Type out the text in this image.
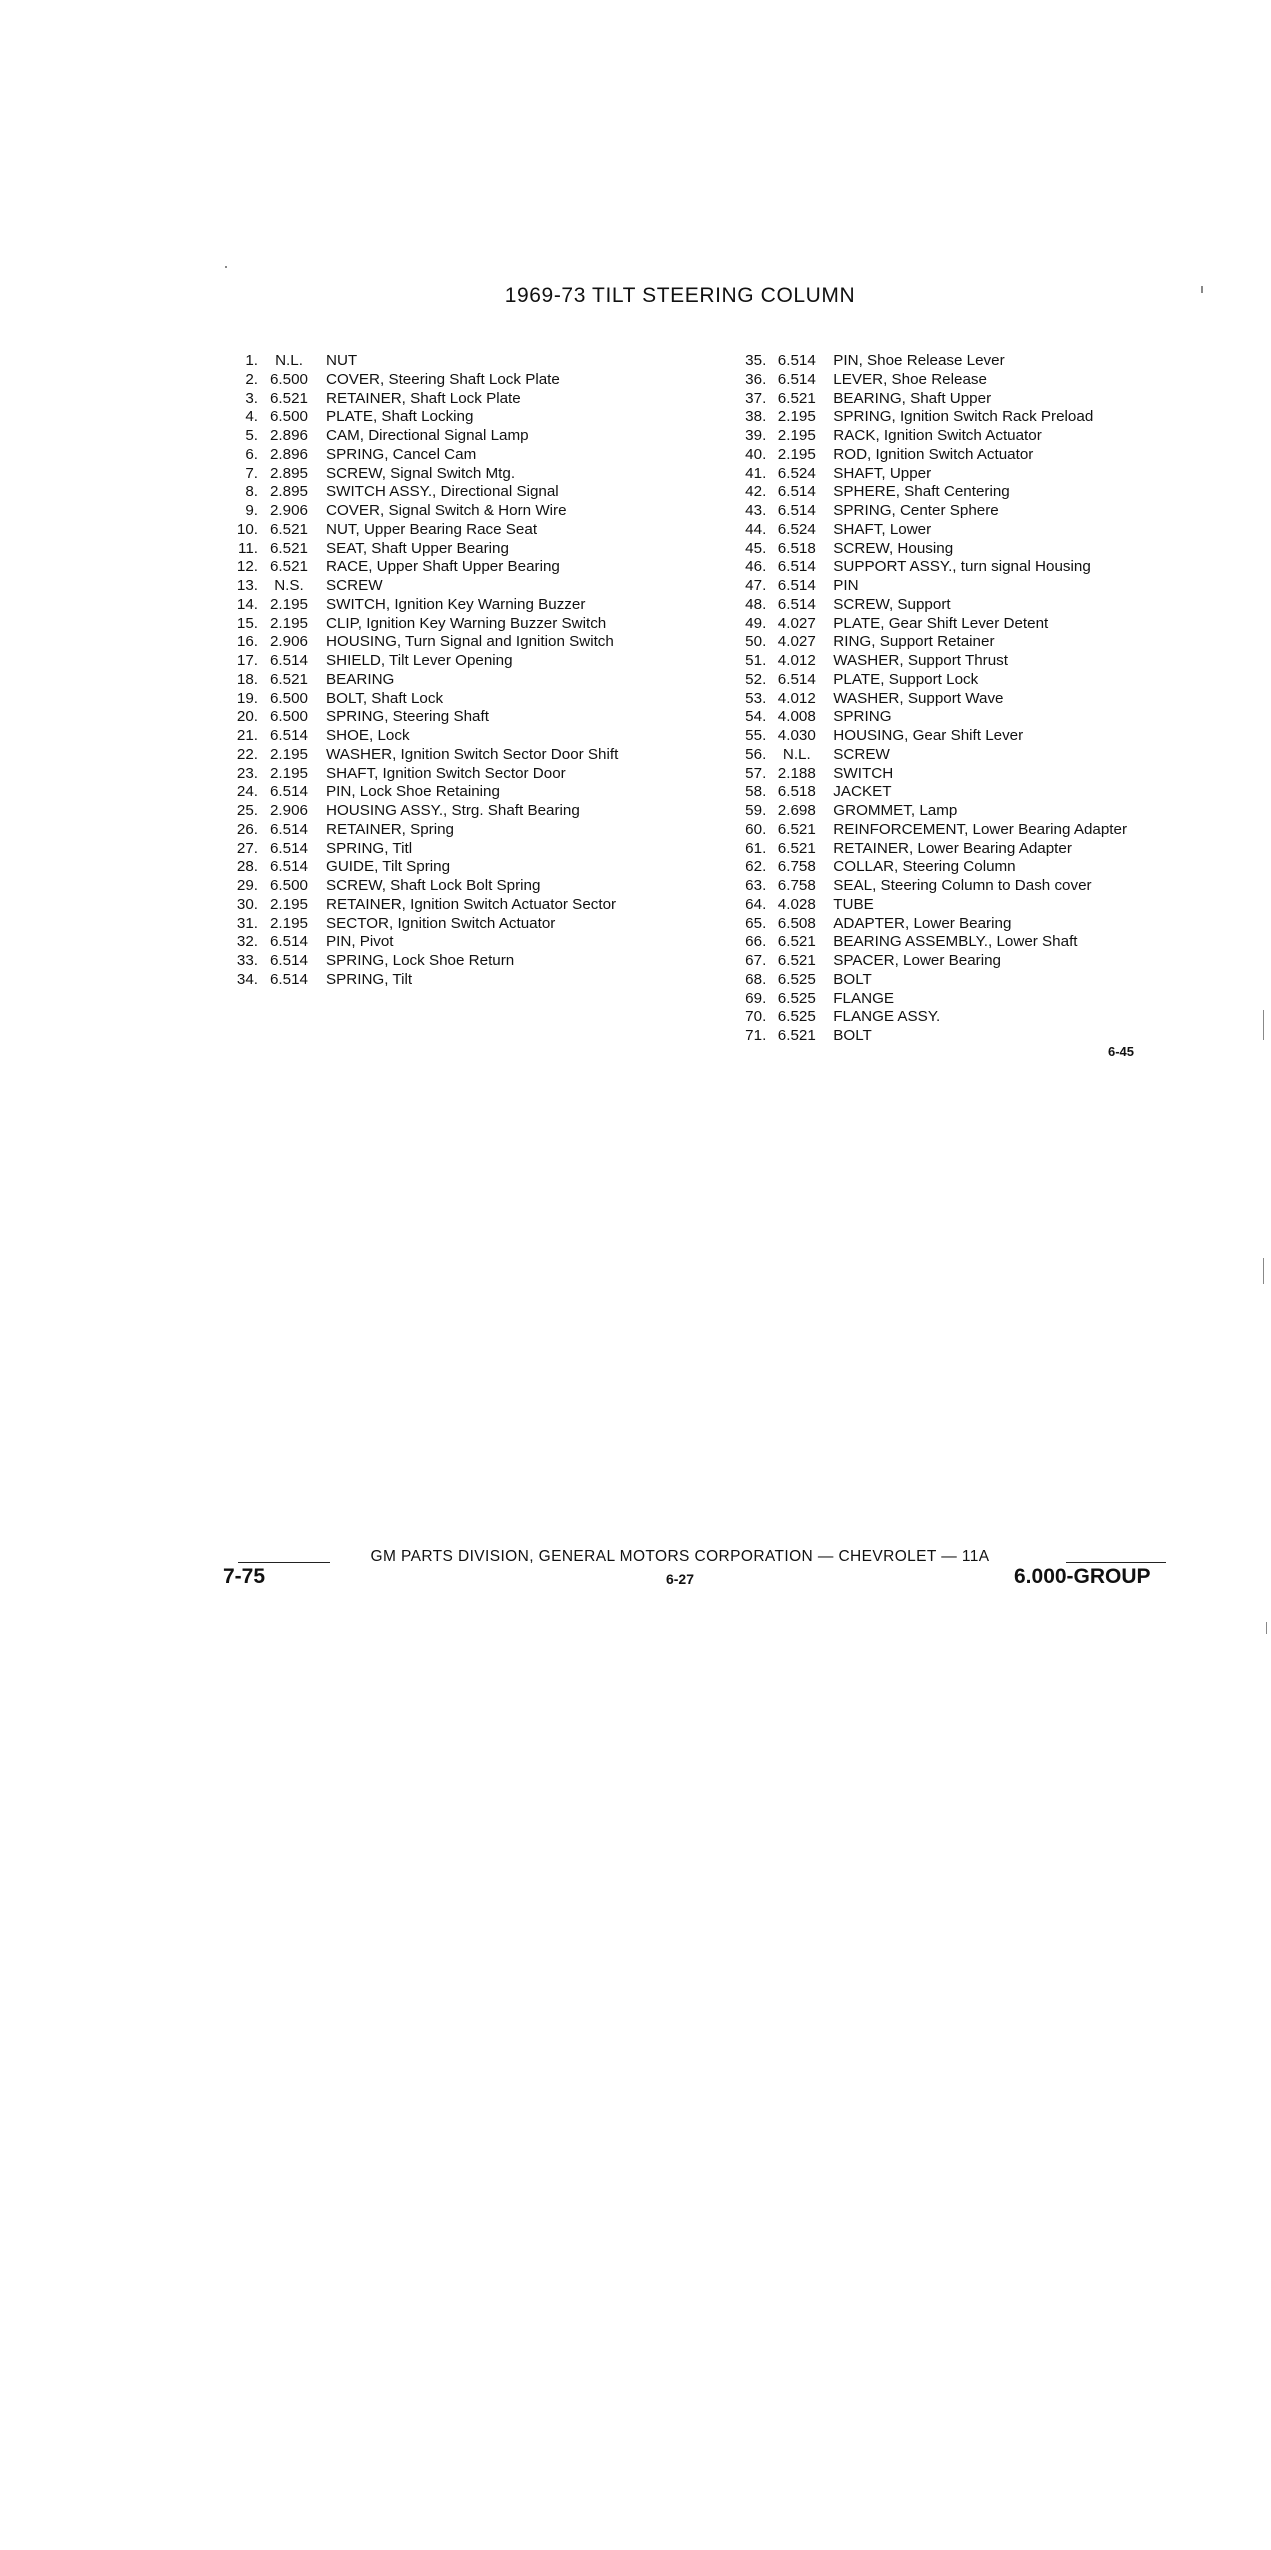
1969-73 TILT STEERING COLUMN
1.	N.L.	NUT
2. 6.500	COVER, Steering Shaft Lock Plate
3. 6.521	RETAINER, Shaft Lock Plate
4. 6.500	PLATE, Shaft Locking
5. 2.896	CAM, Directional Signal Lamp
6. 2.896	SPRING, Cancel Cam
7. 2.895	SCREW, Signal Switch Mtg.
8. 2.895	SWITCH ASSY., Directional Signal
9. 2.906	COVER, Signal Switch & Horn Wire
10. 6.521	NUT, Upper Bearing Race Seat
11. 6.521	SEAT, Shaft Upper Bearing
12. 6.521	RACE, Upper Shaft Upper Bearing
13.	N.S.	SCREW
14. 2.195	SWITCH, Ignition Key Warning Buzzer
15. 2.195	CLIP, Ignition Key Warning Buzzer Switch
16. 2.906	HOUSING, Turn Signal and Ignition Switch
17. 6.514	SHIELD, Tilt Lever Opening
18. 6.521	BEARING
19. 6.500	BOLT, Shaft Lock
20. 6.500	SPRING, Steering Shaft
21. 6.514	SHOE, Lock
22. 2.195	WASHER, Ignition Switch Sector Door Shift
23. 2.195	SHAFT, Ignition Switch Sector Door
24. 6.514	PIN, Lock Shoe Retaining
25. 2.906	HOUSING ASSY., Strg. Shaft Bearing
26. 6.514	RETAINER, Spring
27. 6.514	SPRING, Titl
28. 6.514	GUIDE, Tilt Spring
29. 6.500	SCREW, Shaft Lock Bolt Spring
30. 2.195	RETAINER, Ignition Switch Actuator Sector
31. 2.195	SECTOR, Ignition Switch Actuator
32. 6.514	PIN, Pivot
33. 6.514	SPRING, Lock Shoe Return
34. 6.514	SPRING, Tilt
35. 6.514	PIN, Shoe Release Lever
36. 6.514	LEVER, Shoe Release
37. 6.521	BEARING, Shaft Upper
38. 2.195	SPRING, Ignition Switch Rack Preload
39. 2.195	RACK, Ignition Switch Actuator
40. 2.195	ROD, Ignition Switch Actuator
41. 6.524	SHAFT, Upper
42. 6.514	SPHERE, Shaft Centering
43. 6.514	SPRING, Center Sphere
44. 6.524	SHAFT, Lower
45. 6.518	SCREW, Housing
46. 6.514	SUPPORT ASSY., turn signal Housing
47. 6.514	PIN
48. 6.514	SCREW, Support
49. 4.027	PLATE, Gear Shift Lever Detent
50. 4.027	RING, Support Retainer
51. 4.012	WASHER, Support Thrust
52. 6.514	PLATE, Support Lock
53. 4.012	WASHER, Support Wave
54. 4.008	SPRING
55. 4.030	HOUSING, Gear Shift Lever
56.	N.L.	SCREW
57. 2.188	SWITCH
58. 6.518	JACKET
59. 2.698	GROMMET, Lamp
60. 6.521	REINFORCEMENT, Lower Bearing Adapter
61. 6.521	RETAINER, Lower Bearing Adapter
62. 6.758	COLLAR, Steering Column
63. 6.758	SEAL, Steering Column to Dash cover
64. 4.028	TUBE
65. 6.508	ADAPTER, Lower Bearing
66. 6.521	BEARING ASSEMBLY., Lower Shaft
67. 6.521	SPACER, Lower Bearing
68. 6.525	BOLT
69. 6.525	FLANGE
70. 6.525	FLANGE ASSY.
71. 6.521	BOLT
6-45
GM PARTS DIVISION, GENERAL MOTORS CORPORATION — CHEVROLET — 11A
7-75	6-27	6.000-GROUP
